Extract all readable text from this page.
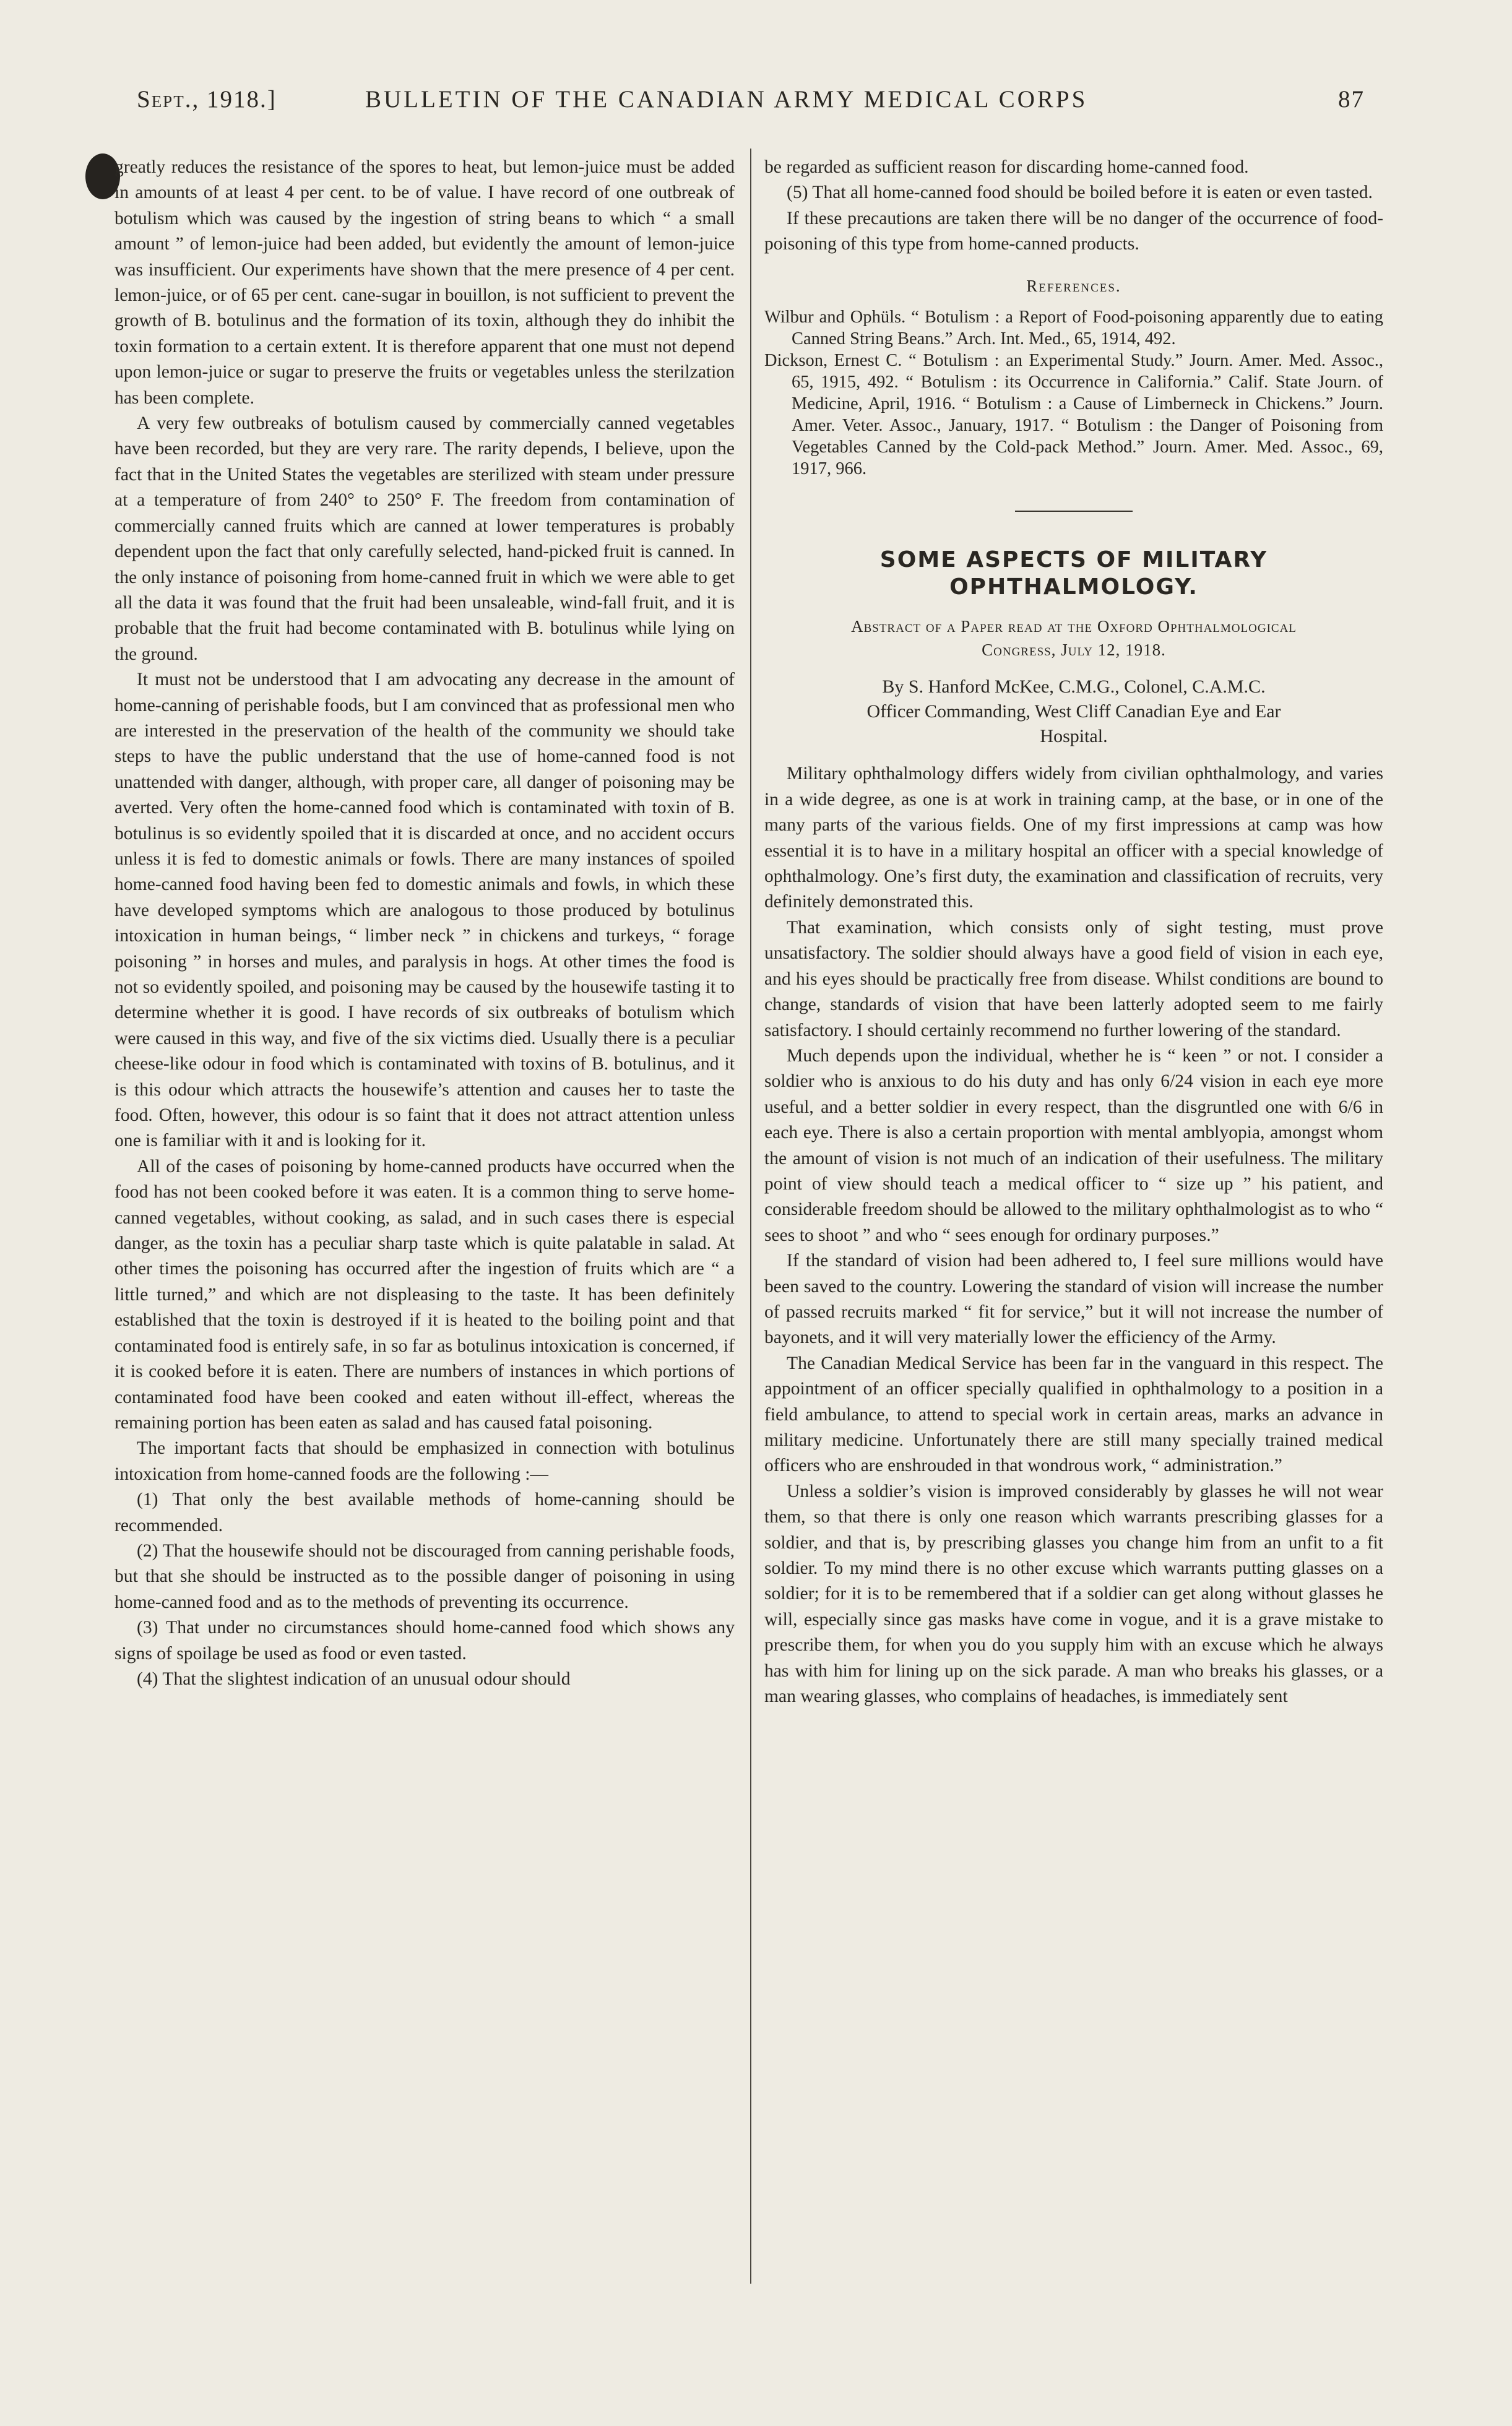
Sept., 1918.]	BULLETIN OF THE CANADIAN ARMY MEDICAL CORPS	87

greatly reduces the resistance of the spores to heat, but lemon-juice must be added in amounts of at least 4 per cent. to be of value. I have record of one outbreak of botulism which was caused by the ingestion of string beans to which “ a small amount ” of lemon-juice had been added, but evidently the amount of lemon-juice was insufficient. Our experiments have shown that the mere presence of 4 per cent. lemon-juice, or of 65 per cent. cane-sugar in bouillon, is not sufficient to prevent the growth of B. botulinus and the formation of its toxin, although they do inhibit the toxin formation to a certain extent. It is therefore apparent that one must not depend upon lemon-juice or sugar to preserve the fruits or vegetables unless the sterilzation has been complete.

A very few outbreaks of botulism caused by commercially canned vegetables have been recorded, but they are very rare. The rarity depends, I believe, upon the fact that in the United States the vegetables are sterilized with steam under pressure at a temperature of from 240° to 250° F. The freedom from contamination of commercially canned fruits which are canned at lower temperatures is probably dependent upon the fact that only carefully selected, hand-picked fruit is canned. In the only instance of poisoning from home-canned fruit in which we were able to get all the data it was found that the fruit had been unsaleable, wind-fall fruit, and it is probable that the fruit had become contaminated with B. botulinus while lying on the ground.

It must not be understood that I am advocating any decrease in the amount of home-canning of perishable foods, but I am convinced that as professional men who are interested in the preservation of the health of the community we should take steps to have the public understand that the use of home-canned food is not unattended with danger, although, with proper care, all danger of poisoning may be averted. Very often the home-canned food which is contaminated with toxin of B. botulinus is so evidently spoiled that it is discarded at once, and no accident occurs unless it is fed to domestic animals or fowls. There are many instances of spoiled home-canned food having been fed to domestic animals and fowls, in which these have developed symptoms which are analogous to those produced by botulinus intoxication in human beings, “ limber neck ” in chickens and turkeys, “ forage poisoning ” in horses and mules, and paralysis in hogs. At other times the food is not so evidently spoiled, and poisoning may be caused by the housewife tasting it to determine whether it is good. I have records of six outbreaks of botulism which were caused in this way, and five of the six victims died. Usually there is a peculiar cheese-like odour in food which is contaminated with toxins of B. botulinus, and it is this odour which attracts the housewife’s attention and causes her to taste the food. Often, however, this odour is so faint that it does not attract attention unless one is familiar with it and is looking for it.

All of the cases of poisoning by home-canned products have occurred when the food has not been cooked before it was eaten. It is a common thing to serve home-canned vegetables, without cooking, as salad, and in such cases there is especial danger, as the toxin has a peculiar sharp taste which is quite palatable in salad. At other times the poisoning has occurred after the ingestion of fruits which are “ a little turned,” and which are not displeasing to the taste. It has been definitely established that the toxin is destroyed if it is heated to the boiling point and that contaminated food is entirely safe, in so far as botulinus intoxication is concerned, if it is cooked before it is eaten. There are numbers of instances in which portions of contaminated food have been cooked and eaten without ill-effect, whereas the remaining portion has been eaten as salad and has caused fatal poisoning.

The important facts that should be emphasized in connection with botulinus intoxication from home-canned foods are the following :—

(1) That only the best available methods of home-canning should be recommended.

(2) That the housewife should not be discouraged from canning perishable foods, but that she should be instructed as to the possible danger of poisoning in using home-canned food and as to the methods of preventing its occurrence.

(3) That under no circumstances should home-canned food which shows any signs of spoilage be used as food or even tasted.

(4) That the slightest indication of an unusual odour should

be regarded as sufficient reason for discarding home-canned food.

(5) That all home-canned food should be boiled before it is eaten or even tasted.

If these precautions are taken there will be no danger of the occurrence of food-poisoning of this type from home-canned products.

References.

Wilbur and Ophüls. “ Botulism : a Report of Food-poisoning apparently due to eating Canned String Beans.” Arch. Int. Med., 65, 1914, 492.

Dickson, Ernest C. “ Botulism : an Experimental Study.” Journ. Amer. Med. Assoc., 65, 1915, 492. “ Botulism : its Occurrence in California.” Calif. State Journ. of Medicine, April, 1916. “ Botulism : a Cause of Limberneck in Chickens.” Journ. Amer. Veter. Assoc., January, 1917. “ Botulism : the Danger of Poisoning from Vegetables Canned by the Cold-pack Method.” Journ. Amer. Med. Assoc., 69, 1917, 966.

SOME ASPECTS OF MILITARY
OPHTHALMOLOGY.
Abstract of a Paper read at the Oxford Ophthalmological
Congress, July 12, 1918.

By S. Hanford McKee, C.M.G., Colonel, C.A.M.C.

Officer Commanding, West Cliff Canadian Eye and Ear
Hospital.

Military ophthalmology differs widely from civilian ophthalmology, and varies in a wide degree, as one is at work in training camp, at the base, or in one of the many parts of the various fields. One of my first impressions at camp was how essential it is to have in a military hospital an officer with a special knowledge of ophthalmology. One’s first duty, the examination and classification of recruits, very definitely demonstrated this.

That examination, which consists only of sight testing, must prove unsatisfactory. The soldier should always have a good field of vision in each eye, and his eyes should be practically free from disease. Whilst conditions are bound to change, standards of vision that have been latterly adopted seem to me fairly satisfactory. I should certainly recommend no further lowering of the standard.

Much depends upon the individual, whether he is “ keen ” or not. I consider a soldier who is anxious to do his duty and has only 6/24 vision in each eye more useful, and a better soldier in every respect, than the disgruntled one with 6/6 in each eye. There is also a certain proportion with mental amblyopia, amongst whom the amount of vision is not much of an indication of their usefulness. The military point of view should teach a medical officer to “ size up ” his patient, and considerable freedom should be allowed to the military ophthalmologist as to who “ sees to shoot ” and who “ sees enough for ordinary purposes.”

If the standard of vision had been adhered to, I feel sure millions would have been saved to the country. Lowering the standard of vision will increase the number of passed recruits marked “ fit for service,” but it will not increase the number of bayonets, and it will very materially lower the efficiency of the Army.

The Canadian Medical Service has been far in the vanguard in this respect. The appointment of an officer specially qualified in ophthalmology to a position in a field ambulance, to attend to special work in certain areas, marks an advance in military medicine. Unfortunately there are still many specially trained medical officers who are enshrouded in that wondrous work, “ administration.”

Unless a soldier’s vision is improved considerably by glasses he will not wear them, so that there is only one reason which warrants prescribing glasses for a soldier, and that is, by prescribing glasses you change him from an unfit to a fit soldier. To my mind there is no other excuse which warrants putting glasses on a soldier; for it is to be remembered that if a soldier can get along without glasses he will, especially since gas masks have come in vogue, and it is a grave mistake to prescribe them, for when you do you supply him with an excuse which he always has with him for lining up on the sick parade. A man who breaks his glasses, or a man wearing glasses, who complains of headaches, is immediately sent
